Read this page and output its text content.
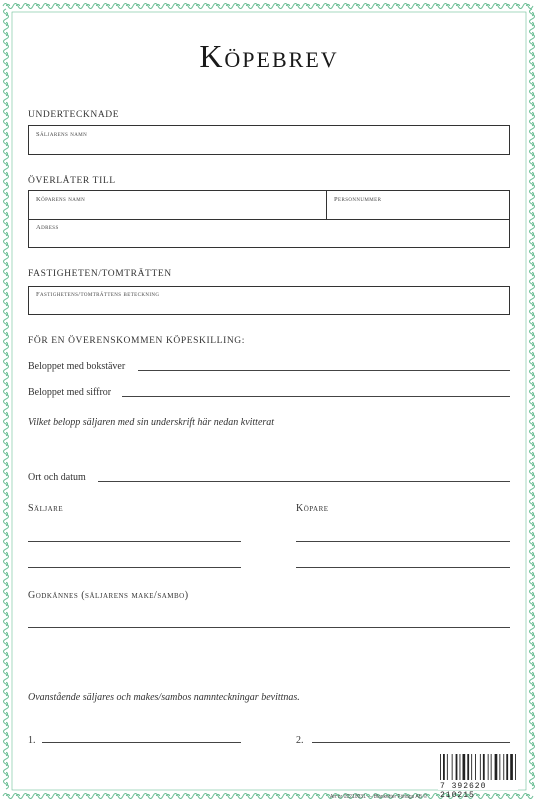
Köpebrev
UNDERTECKNADE
Säljarens namn
ÖVERLÅTER TILL
Köparens namn	Personnummer
Adress
FASTIGHETEN/TOMTRÄTTEN
Fastighetens/tomträttens beteckning
FÖR EN ÖVERENSKOMMEN KÖPESKILLING:
Beloppet med bokstäver
Beloppet med siffror
Vilket belopp säljaren med sin underskrift här nedan kvitterat
Ort och datum
Säljare	Köpare
Godkännes (säljarens make/sambo)
Ovanstående säljares och makes/sambos namnteckningar bevittnas.
1.	2.
Art nr 02210031 — Blanketter Förlags AB ©
7 392620 210215
